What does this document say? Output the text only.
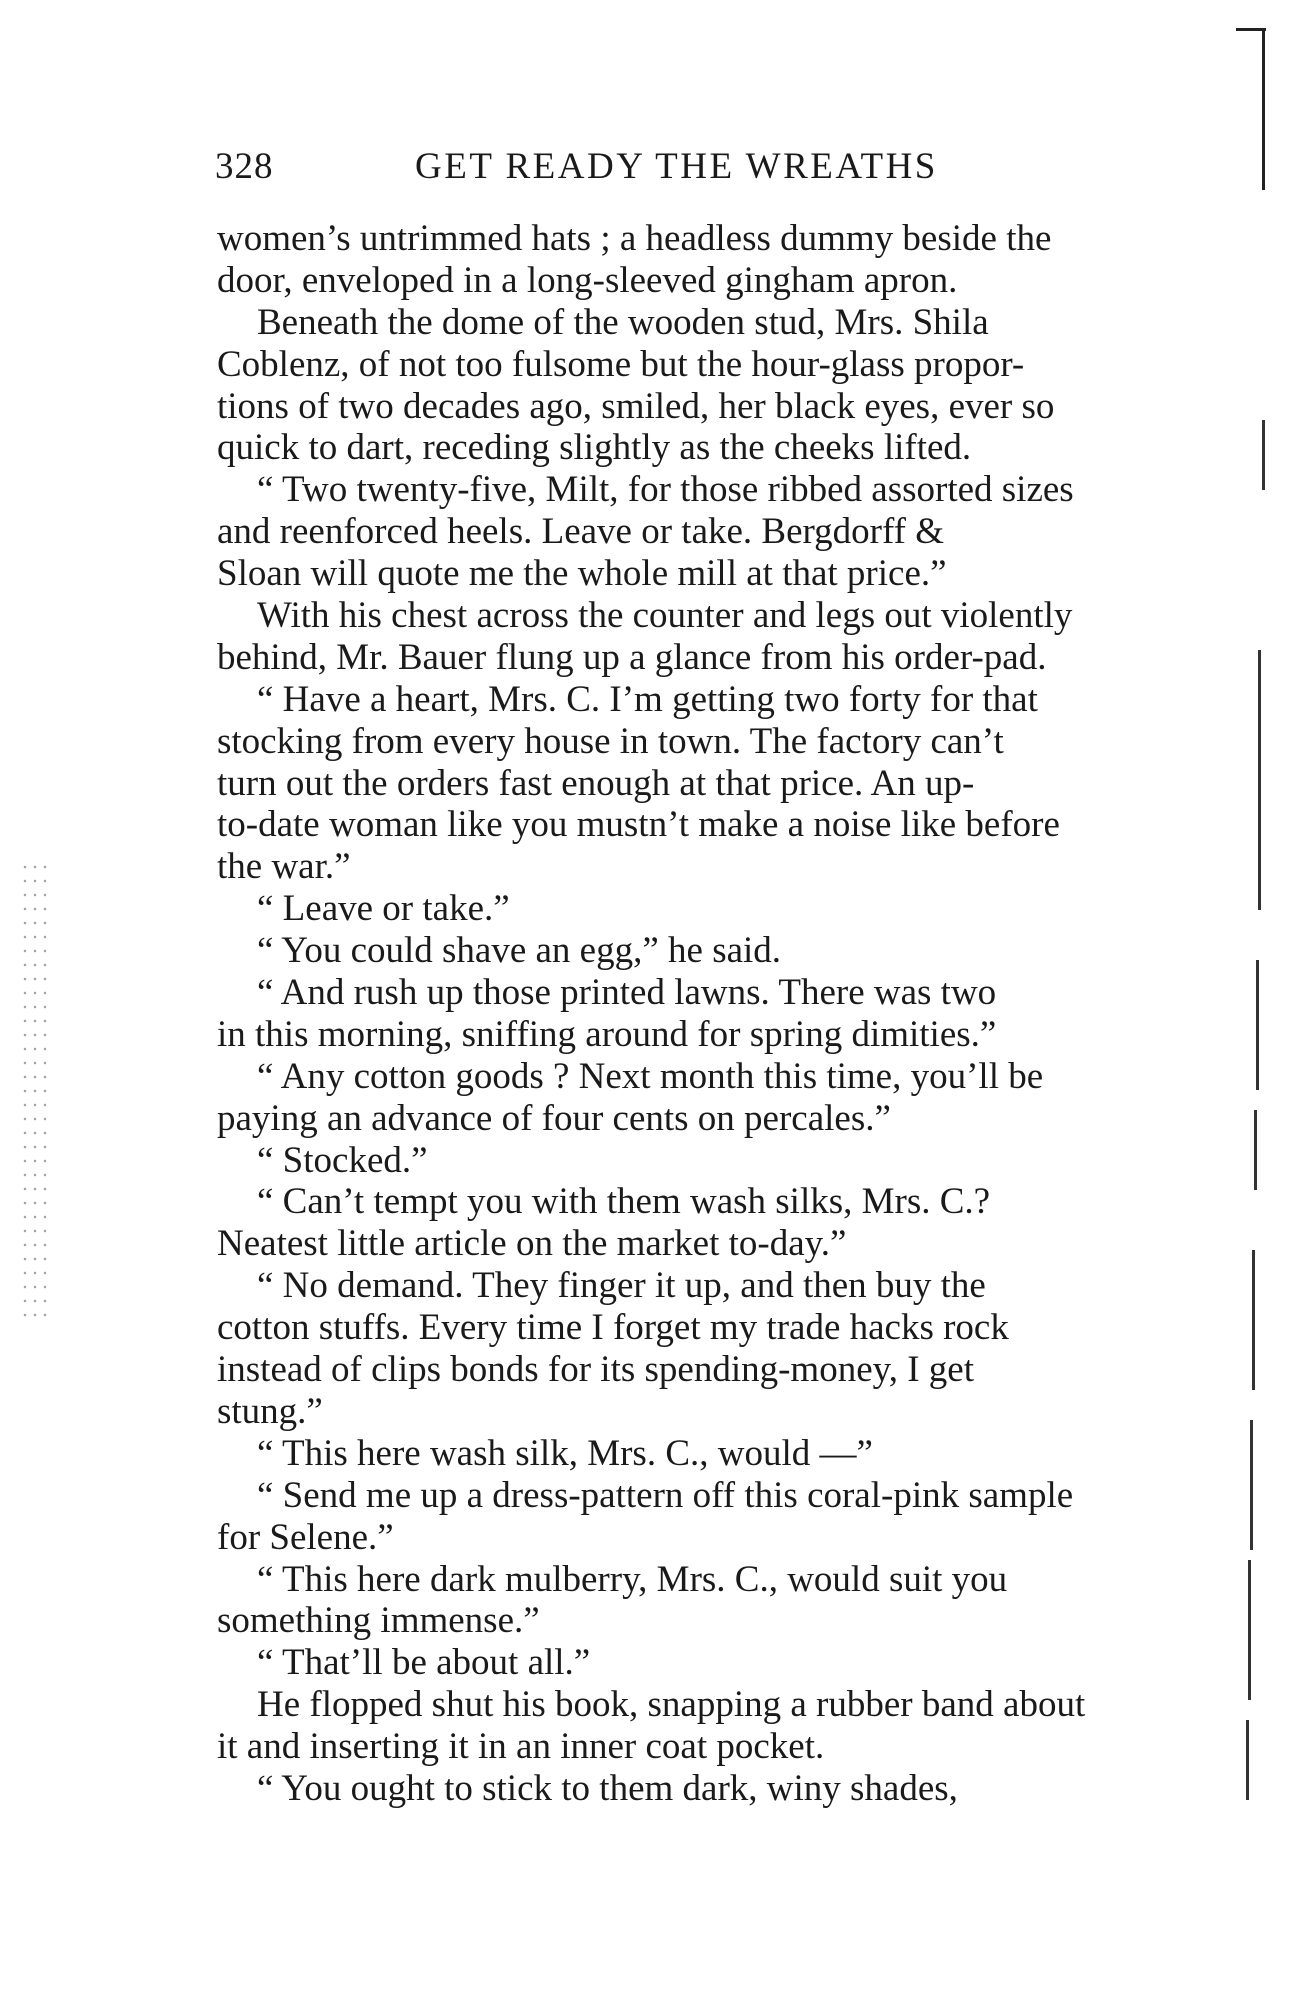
328	GET READY THE WREATHS
women’s untrimmed hats ; a headless dummy beside the
door, enveloped in a long-sleeved gingham apron.
Beneath the dome of the wooden stud, Mrs. Shila
Coblenz, of not too fulsome but the hour-glass propor-
tions of two decades ago, smiled, her black eyes, ever so
quick to dart, receding slightly as the cheeks lifted.
“ Two twenty-five, Milt, for those ribbed assorted sizes
and reenforced heels. Leave or take. Bergdorff &
Sloan will quote me the whole mill at that price.”
With his chest across the counter and legs out violently
behind, Mr. Bauer flung up a glance from his order-pad.
“ Have a heart, Mrs. C. I’m getting two forty for that
stocking from every house in town. The factory can’t
turn out the orders fast enough at that price. An up-
to-date woman like you mustn’t make a noise like before
the war.”
“ Leave or take.”
“ You could shave an egg,” he said.
“ And rush up those printed lawns. There was two
in this morning, sniffing around for spring dimities.”
“ Any cotton goods ? Next month this time, you’ll be
paying an advance of four cents on percales.”
“ Stocked.”
“ Can’t tempt you with them wash silks, Mrs. C.?
Neatest little article on the market to-day.”
“ No demand. They finger it up, and then buy the
cotton stuffs. Every time I forget my trade hacks rock
instead of clips bonds for its spending-money, I get
stung.”
“ This here wash silk, Mrs. C., would —”
“ Send me up a dress-pattern off this coral-pink sample
for Selene.”
“ This here dark mulberry, Mrs. C., would suit you
something immense.”
“ That’ll be about all.”
He flopped shut his book, snapping a rubber band about
it and inserting it in an inner coat pocket.
“ You ought to stick to them dark, winy shades,
